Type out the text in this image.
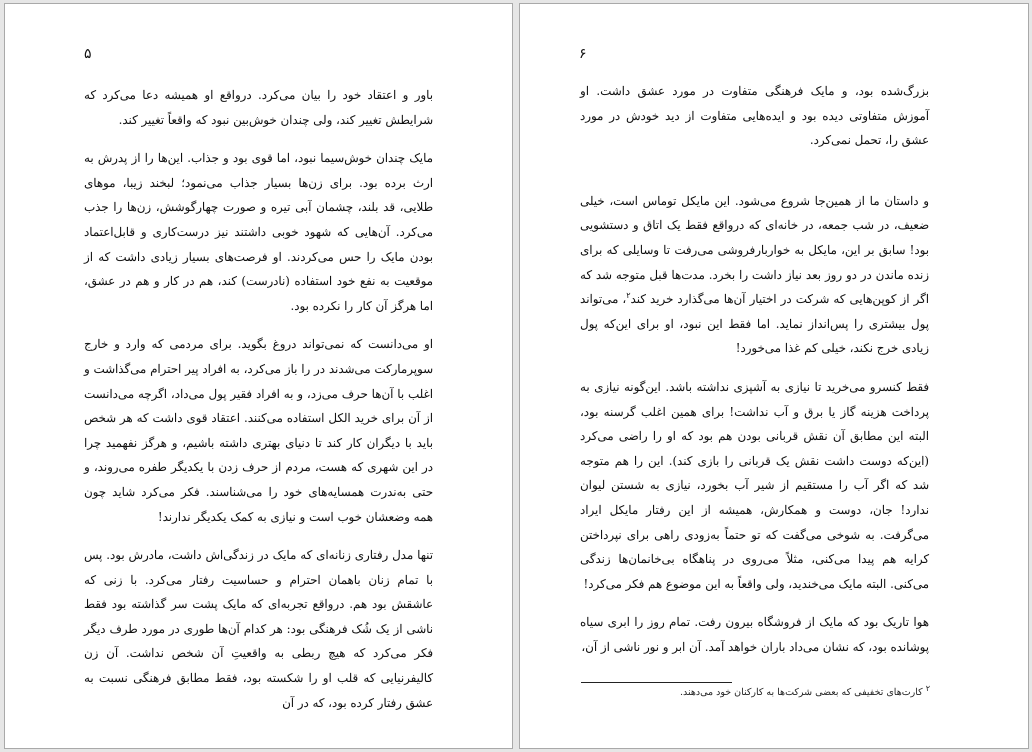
۵

باور و اعتقاد خود را بیان می‌کرد. درواقع او همیشه دعا می‌کرد که شرایطش تغییر کند، ولی چندان خوش‌بین نبود که واقعاً تغییر کند.

مایک چندان خوش‌سیما نبود، اما قوی بود و جذاب. این‌ها را از پدرش به ارث برده بود. برای زن‌ها بسیار جذاب می‌نمود؛ لبخند زیبا، موهای طلایی، قد بلند، چشمان آبی تیره و صورت چهارگوشش، زن‌ها را جذب می‌کرد. آن‌هایی که شهود خوبی داشتند نیز درست‌کاری و قابل‌اعتماد بودن مایک را حس می‌کردند. او فرصت‌های بسیار زیادی داشت که از موقعیت به نفع خود استفاده (نادرست) کند، هم در کار و هم در عشق، اما هرگز آن کار را نکرده بود.

او می‌دانست که نمی‌تواند دروغ بگوید. برای مردمی که وارد و خارج سوپرمارکت می‌شدند در را باز می‌کرد، به افراد پیر احترام می‌گذاشت و اغلب با آن‌ها حرف می‌زد، و به افراد فقیر پول می‌داد، اگرچه می‌دانست از آن برای خرید الکل استفاده می‌کنند. اعتقاد قوی داشت که هر شخص باید با دیگران کار کند تا دنیای بهتری داشته باشیم، و هرگز نفهمید چرا در این شهری که هست، مردم از حرف زدن با یکدیگر طفره می‌روند، و حتی به‌ندرت همسایه‌های خود را می‌شناسند. فکر می‌کرد شاید چون همه وضعشان خوب است و نیازی به کمک یکدیگر ندارند!

تنها مدل رفتاری زنانه‌ای که مایک در زندگی‌اش داشت، مادرش بود. پس با تمام زنان باهمان احترام و حساسیت رفتار می‌کرد. با زنی که عاشقش بود هم. درواقع تجربه‌ای که مایک پشت سر گذاشته بود فقط ناشی از یک شُک فرهنگی بود: هر کدام آن‌ها طوری در مورد طرف دیگر فکر می‌کرد که هیچ ربطی به واقعیتِ آن شخص نداشت. آن زن کالیفرنیایی که قلب او را شکسته بود، فقط مطابق فرهنگی نسبت به عشق رفتار کرده بود، که در آن

۶

بزرگ‌شده بود، و مایک فرهنگی متفاوت در مورد عشق داشت. او آموزش متفاوتی دیده بود و ایده‌هایی متفاوت از دید خودش در مورد عشق را، تحمل نمی‌کرد.

و داستان ما از همین‌جا شروع می‌شود. این مایکل توماس است، خیلی ضعیف، در شب جمعه، در خانه‌ای که درواقع فقط یک اتاق و دستشویی بود! سابق بر این، مایکل به خواربارفروشی می‌رفت تا وسایلی که برای زنده ماندن در دو روز بعد نیاز داشت را بخرد. مدت‌ها قبل متوجه شد که اگر از کوپن‌هایی که شرکت در اختیار آن‌ها می‌گذارد خرید کند$^۲$، می‌تواند پول بیشتری را پس‌انداز نماید. اما فقط این نبود، او برای این‌که پول زیادی خرج نکند، خیلی کم غذا می‌خورد!

فقط کنسرو می‌خرید تا نیازی به آشپزی نداشته باشد. این‌گونه نیازی به پرداخت هزینه گاز یا برق و آب نداشت! برای همین اغلب گرسنه بود، البته این مطابق آن نقش قربانی بودن هم بود که او را راضی می‌کرد (این‌که دوست داشت نقش یک قربانی را بازی کند). این را هم متوجه شد که اگر آب را مستقیم از شیر آب بخورد، نیازی به شستن لیوان ندارد! جان، دوست و همکارش، همیشه از این رفتار مایکل ایراد می‌گرفت. به شوخی می‌گفت که تو حتماً به‌زودی راهی برای نپرداختن کرایه هم پیدا می‌کنی، مثلاً می‌روی در پناهگاه بی‌خانمان‌ها زندگی می‌کنی. البته مایک می‌خندید، ولی واقعاً به این موضوع هم فکر می‌کرد!

هوا تاریک بود که مایک از فروشگاه بیرون رفت. تمام روز را ابری سیاه پوشانده بود، که نشان می‌داد باران خواهد آمد. آن ابر و نور ناشی از آن،

$^۲$ کارت‌های تخفیفی که بعضی شرکت‌ها به کارکنان خود می‌دهند.
